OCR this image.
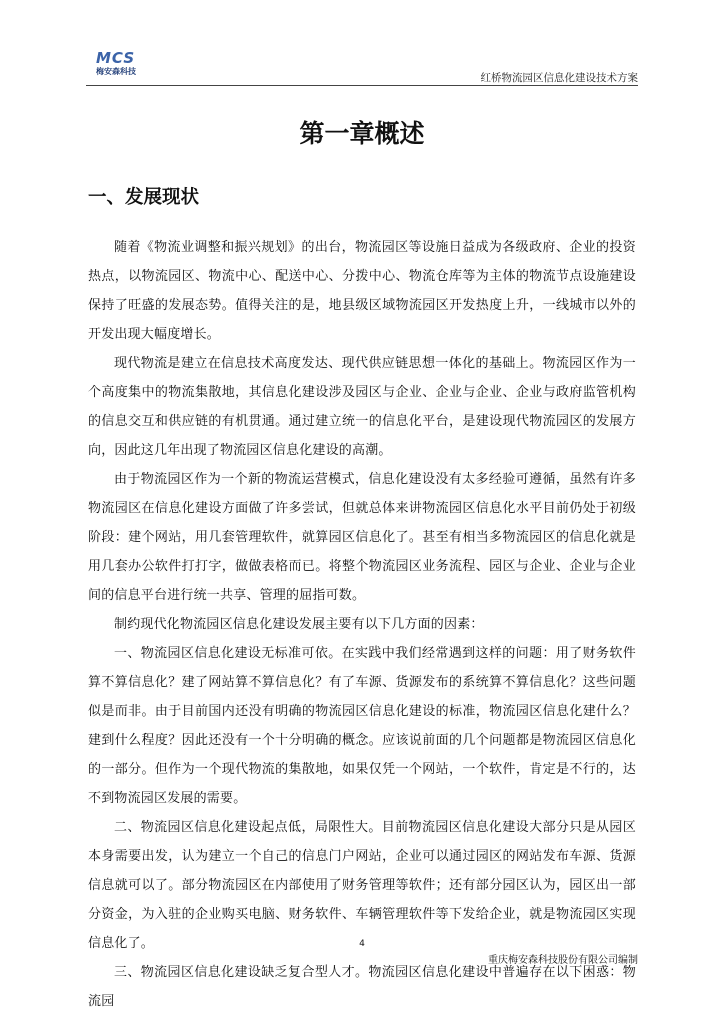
MCS
梅安森科技
红桥物流园区信息化建设技术方案
第一章概述
一、发展现状

随着《物流业调整和振兴规划》的出台，物流园区等设施日益成为各级政府、企业的投资热点，以物流园区、物流中心、配送中心、分拨中心、物流仓库等为主体的物流节点设施建设保持了旺盛的发展态势。值得关注的是，地县级区域物流园区开发热度上升，一线城市以外的开发出现大幅度增长。

现代物流是建立在信息技术高度发达、现代供应链思想一体化的基础上。物流园区作为一个高度集中的物流集散地，其信息化建设涉及园区与企业、企业与企业、企业与政府监管机构的信息交互和供应链的有机贯通。通过建立统一的信息化平台，是建设现代物流园区的发展方向，因此这几年出现了物流园区信息化建设的高潮。

由于物流园区作为一个新的物流运营模式，信息化建设没有太多经验可遵循，虽然有许多物流园区在信息化建设方面做了许多尝试，但就总体来讲物流园区信息化水平目前仍处于初级阶段：建个网站，用几套管理软件，就算园区信息化了。甚至有相当多物流园区的信息化就是用几套办公软件打打字，做做表格而已。将整个物流园区业务流程、园区与企业、企业与企业间的信息平台进行统一共享、管理的屈指可数。

制约现代化物流园区信息化建设发展主要有以下几方面的因素：

一、物流园区信息化建设无标准可依。在实践中我们经常遇到这样的问题：用了财务软件算不算信息化？建了网站算不算信息化？有了车源、货源发布的系统算不算信息化？这些问题似是而非。由于目前国内还没有明确的物流园区信息化建设的标准，物流园区信息化建什么？建到什么程度？因此还没有一个十分明确的概念。应该说前面的几个问题都是物流园区信息化的一部分。但作为一个现代物流的集散地，如果仅凭一个网站，一个软件，肯定是不行的，达不到物流园区发展的需要。

二、物流园区信息化建设起点低，局限性大。目前物流园区信息化建设大部分只是从园区本身需要出发，认为建立一个自己的信息门户网站，企业可以通过园区的网站发布车源、货源信息就可以了。部分物流园区在内部使用了财务管理等软件；还有部分园区认为，园区出一部分资金，为入驻的企业购买电脑、财务软件、车辆管理软件等下发给企业，就是物流园区实现信息化了。

三、物流园区信息化建设缺乏复合型人才。物流园区信息化建设中普遍存在以下困惑：物流园

4
重庆梅安森科技股份有限公司编制
